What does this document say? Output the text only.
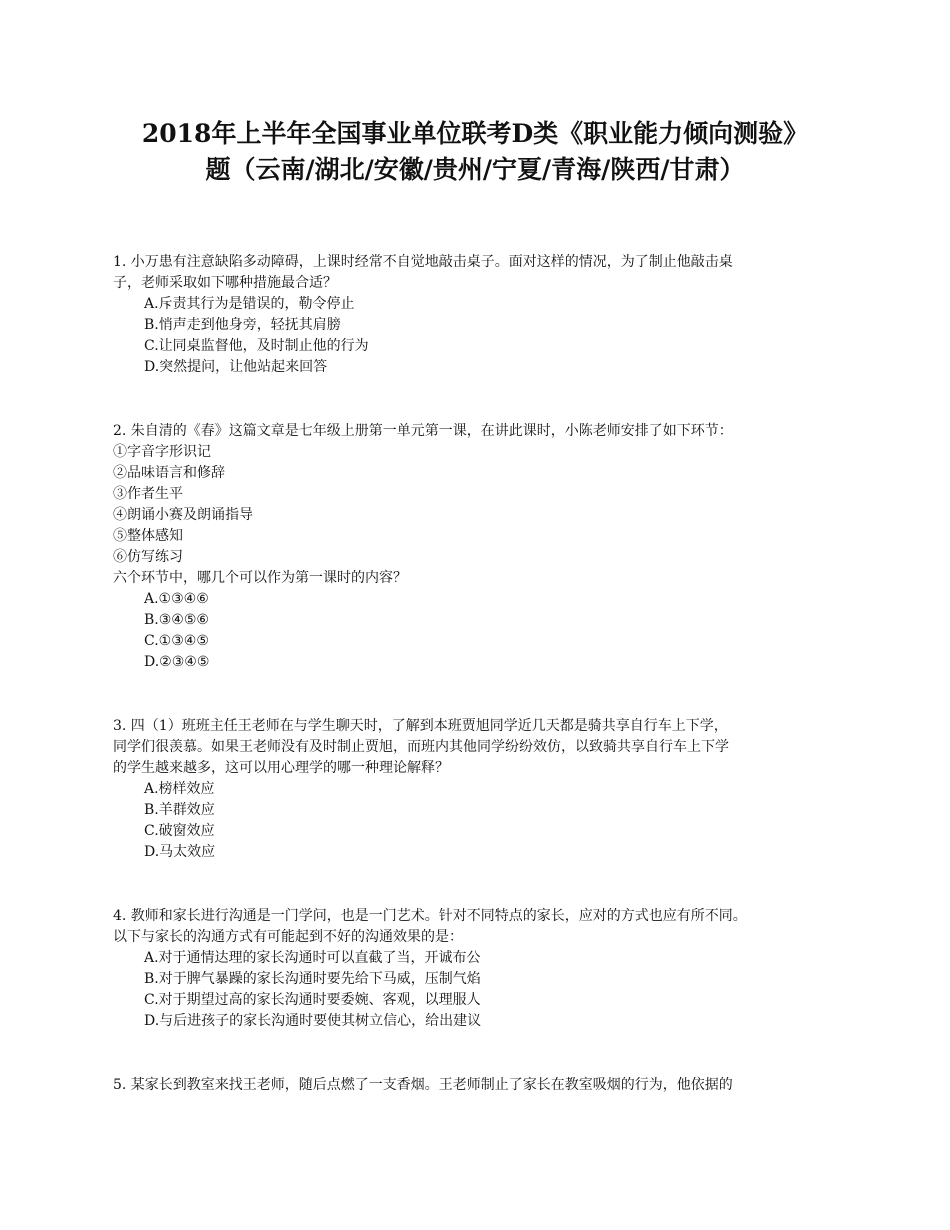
2018年上半年全国事业单位联考D类《职业能力倾向测验》
题（云南/湖北/安徽/贵州/宁夏/青海/陕西/甘肃）
1. 小万患有注意缺陷多动障碍，上课时经常不自觉地敲击桌子。面对这样的情况，为了制止他敲击桌
子，老师采取如下哪种措施最合适？
A.斥责其行为是错误的，勒令停止
B.悄声走到他身旁，轻抚其肩膀
C.让同桌监督他，及时制止他的行为
D.突然提问，让他站起来回答
2. 朱自清的《春》这篇文章是七年级上册第一单元第一课，在讲此课时，小陈老师安排了如下环节：
①字音字形识记
②品味语言和修辞
③作者生平
④朗诵小赛及朗诵指导
⑤整体感知
⑥仿写练习
六个环节中，哪几个可以作为第一课时的内容？
A.①③④⑥
B.③④⑤⑥
C.①③④⑤
D.②③④⑤
3. 四（1）班班主任王老师在与学生聊天时，了解到本班贾旭同学近几天都是骑共享自行车上下学，
同学们很羡慕。如果王老师没有及时制止贾旭，而班内其他同学纷纷效仿，以致骑共享自行车上下学
的学生越来越多，这可以用心理学的哪一种理论解释？
A.榜样效应
B.羊群效应
C.破窗效应
D.马太效应
4. 教师和家长进行沟通是一门学问，也是一门艺术。针对不同特点的家长，应对的方式也应有所不同。
以下与家长的沟通方式有可能起到不好的沟通效果的是：
A.对于通情达理的家长沟通时可以直截了当，开诚布公
B.对于脾气暴躁的家长沟通时要先给下马威，压制气焰
C.对于期望过高的家长沟通时要委婉、客观，以理服人
D.与后进孩子的家长沟通时要使其树立信心，给出建议
5. 某家长到教室来找王老师，随后点燃了一支香烟。王老师制止了家长在教室吸烟的行为，他依据的
